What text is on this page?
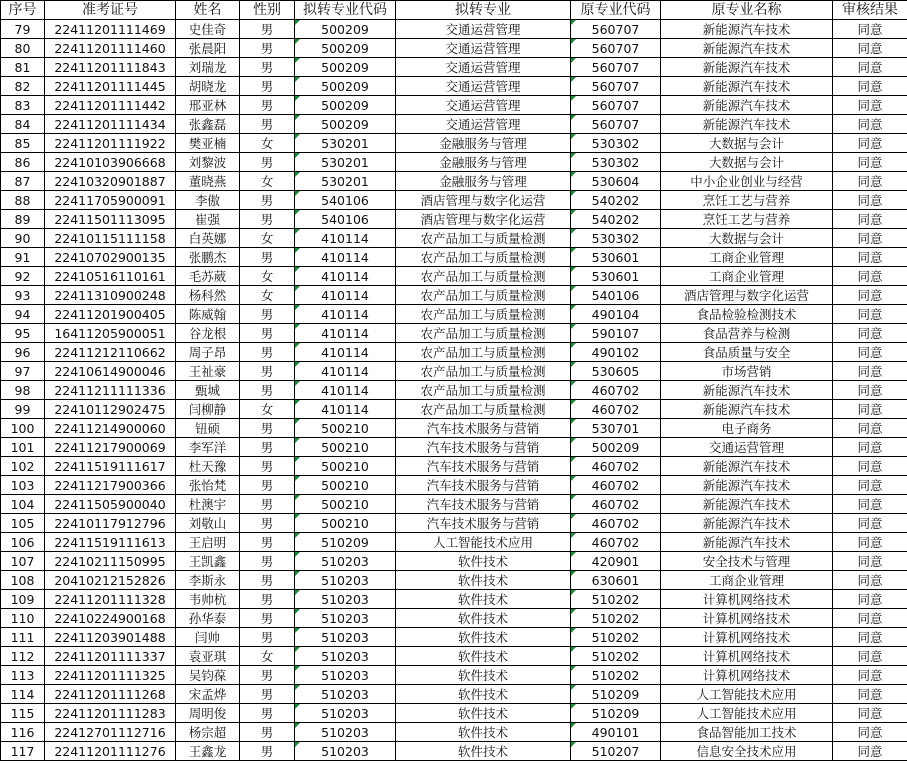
序号	准考证号	姓名	性别	拟转专业代码	拟转专业	原专业代码	原专业名称	审核结果
79	22411201111469	史佳奇	男	500209	交通运营管理	560707	新能源汽车技术	同意
80	22411201111460	张晨阳	男	500209	交通运营管理	560707	新能源汽车技术	同意
81	22411201111843	刘瑞龙	男	500209	交通运营管理	560707	新能源汽车技术	同意
82	22411201111445	胡晓龙	男	500209	交通运营管理	560707	新能源汽车技术	同意
83	22411201111442	邢亚林	男	500209	交通运营管理	560707	新能源汽车技术	同意
84	22411201111434	张鑫磊	男	500209	交通运营管理	560707	新能源汽车技术	同意
85	22411201111922	樊亚楠	女	530201	金融服务与管理	530302	大数据与会计	同意
86	22410103906668	刘黎波	男	530201	金融服务与管理	530302	大数据与会计	同意
87	22410320901887	董晓燕	女	530201	金融服务与管理	530604	中小企业创业与经营	同意
88	22411705900091	李傲	男	540106	酒店管理与数字化运营	540202	烹饪工艺与营养	同意
89	22411501113095	崔强	男	540106	酒店管理与数字化运营	540202	烹饪工艺与营养	同意
90	22410115111158	白英娜	女	410114	农产品加工与质量检测	530302	大数据与会计	同意
91	22410702900135	张鹏杰	男	410114	农产品加工与质量检测	530601	工商企业管理	同意
92	22410516110161	毛苏葳	女	410114	农产品加工与质量检测	530601	工商企业管理	同意
93	22411310900248	杨科然	女	410114	农产品加工与质量检测	540106	酒店管理与数字化运营	同意
94	22411201900405	陈威翰	男	410114	农产品加工与质量检测	490104	食品检验检测技术	同意
95	16411205900051	谷龙根	男	410114	农产品加工与质量检测	590107	食品营养与检测	同意
96	22411212110662	周子昂	男	410114	农产品加工与质量检测	490102	食品质量与安全	同意
97	22410614900046	王祉豪	男	410114	农产品加工与质量检测	530605	市场营销	同意
98	22411211111336	甄城	男	410114	农产品加工与质量检测	460702	新能源汽车技术	同意
99	22410112902475	闫柳静	女	410114	农产品加工与质量检测	460702	新能源汽车技术	同意
100	22411214900060	钮硕	男	500210	汽车技术服务与营销	530701	电子商务	同意
101	22411217900069	李军洋	男	500210	汽车技术服务与营销	500209	交通运营管理	同意
102	22411519111617	杜天豫	男	500210	汽车技术服务与营销	460702	新能源汽车技术	同意
103	22411217900366	张怡梵	男	500210	汽车技术服务与营销	460702	新能源汽车技术	同意
104	22411505900040	杜澳宇	男	500210	汽车技术服务与营销	460702	新能源汽车技术	同意
105	22410117912796	刘敬山	男	500210	汽车技术服务与营销	460702	新能源汽车技术	同意
106	22411519111613	王启明	男	510209	人工智能技术应用	460702	新能源汽车技术	同意
107	22410211150995	王凯鑫	男	510203	软件技术	420901	安全技术与管理	同意
108	20410212152826	李斯永	男	510203	软件技术	630601	工商企业管理	同意
109	22411201111328	韦帅杭	男	510203	软件技术	510202	计算机网络技术	同意
110	22410224900168	孙华泰	男	510203	软件技术	510202	计算机网络技术	同意
111	22411203901488	闫帅	男	510203	软件技术	510202	计算机网络技术	同意
112	22411201111337	袁亚琪	女	510203	软件技术	510202	计算机网络技术	同意
113	22411201111325	吴钧葆	男	510203	软件技术	510202	计算机网络技术	同意
114	22411201111268	宋孟烨	男	510203	软件技术	510209	人工智能技术应用	同意
115	22411201111283	周明俊	男	510203	软件技术	510209	人工智能技术应用	同意
116	22412701112716	杨宗超	男	510203	软件技术	490101	食品智能加工技术	同意
117	22411201111276	王鑫龙	男	510203	软件技术	510207	信息安全技术应用	同意
